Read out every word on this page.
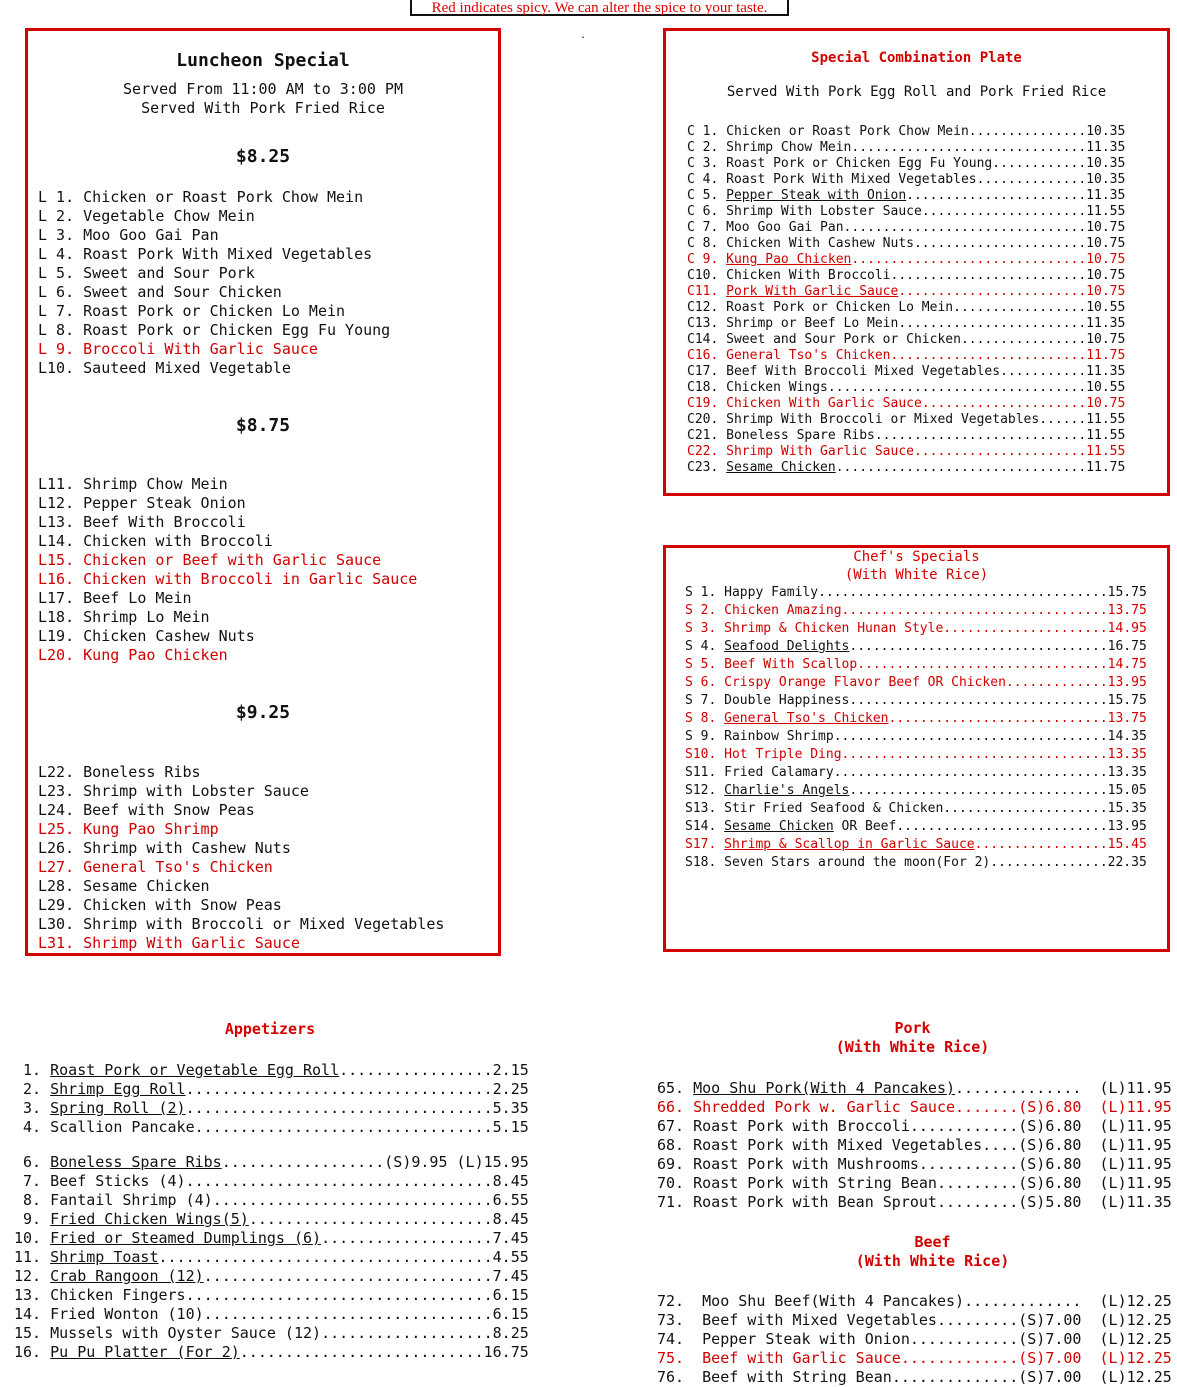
Red indicates spicy. We can alter the spice to your taste.
.
Luncheon Special
Served From 11:00 AM to 3:00 PM
Served With Pork Fried Rice
$8.25
L 1. Chicken or Roast Pork Chow Mein
L 2. Vegetable Chow Mein
L 3. Moo Goo Gai Pan
L 4. Roast Pork With Mixed Vegetables
L 5. Sweet and Sour Pork
L 6. Sweet and Sour Chicken
L 7. Roast Pork or Chicken Lo Mein
L 8. Roast Pork or Chicken Egg Fu Young
L 9. Broccoli With Garlic Sauce
L10. Sauteed Mixed Vegetable
$8.75
L11. Shrimp Chow Mein
L12. Pepper Steak Onion
L13. Beef With Broccoli
L14. Chicken with Broccoli
L15. Chicken or Beef with Garlic Sauce
L16. Chicken with Broccoli in Garlic Sauce
L17. Beef Lo Mein
L18. Shrimp Lo Mein
L19. Chicken Cashew Nuts
L20. Kung Pao Chicken
$9.25
L22. Boneless Ribs
L23. Shrimp with Lobster Sauce
L24. Beef with Snow Peas
L25. Kung Pao Shrimp
L26. Shrimp with Cashew Nuts
L27. General Tso's Chicken
L28. Sesame Chicken
L29. Chicken with Snow Peas
L30. Shrimp with Broccoli or Mixed Vegetables
L31. Shrimp With Garlic Sauce
Special Combination Plate
Served With Pork Egg Roll and Pork Fried Rice
C 1. Chicken or Roast Pork Chow Mein...............10.35
C 2. Shrimp Chow Mein..............................11.35
C 3. Roast Pork or Chicken Egg Fu Young............10.35
C 4. Roast Pork With Mixed Vegetables..............10.35
C 5. Pepper Steak with Onion.......................11.35
C 6. Shrimp With Lobster Sauce.....................11.55
C 7. Moo Goo Gai Pan...............................10.75
C 8. Chicken With Cashew Nuts......................10.75
C 9. Kung Pao Chicken..............................10.75
C10. Chicken With Broccoli.........................10.75
C11. Pork With Garlic Sauce........................10.75
C12. Roast Pork or Chicken Lo Mein.................10.55
C13. Shrimp or Beef Lo Mein........................11.35
C14. Sweet and Sour Pork or Chicken................10.75
C16. General Tso's Chicken.........................11.75
C17. Beef With Broccoli Mixed Vegetables...........11.35
C18. Chicken Wings.................................10.55
C19. Chicken With Garlic Sauce.....................10.75
C20. Shrimp With Broccoli or Mixed Vegetables......11.55
C21. Boneless Spare Ribs...........................11.55
C22. Shrimp With Garlic Sauce......................11.55
C23. Sesame Chicken................................11.75
Chef's Specials
(With White Rice)
S 1. Happy Family.....................................15.75
S 2. Chicken Amazing..................................13.75
S 3. Shrimp & Chicken Hunan Style.....................14.95
S 4. Seafood Delights.................................16.75
S 5. Beef With Scallop................................14.75
S 6. Crispy Orange Flavor Beef OR Chicken.............13.95
S 7. Double Happiness.................................15.75
S 8. General Tso's Chicken............................13.75
S 9. Rainbow Shrimp...................................14.35
S10. Hot Triple Ding..................................13.35
S11. Fried Calamary...................................13.35
S12. Charlie's Angels.................................15.05
S13. Stir Fried Seafood & Chicken.....................15.35
S14. Sesame Chicken OR Beef...........................13.95
S17. Shrimp & Scallop in Garlic Sauce.................15.45
S18. Seven Stars around the moon(For 2)...............22.35
Appetizers
1. Roast Pork or Vegetable Egg Roll.................2.15
2. Shrimp Egg Roll..................................2.25
3. Spring Roll (2)..................................5.35
4. Scallion Pancake.................................5.15
6. Boneless Spare Ribs..................(S)9.95 (L)15.95
7. Beef Sticks (4)..................................8.45
8. Fantail Shrimp (4)...............................6.55
9. Fried Chicken Wings(5)...........................8.45
10. Fried or Steamed Dumplings (6)...................7.45
11. Shrimp Toast.....................................4.55
12. Crab Rangoon (12)................................7.45
13. Chicken Fingers..................................6.15
14. Fried Wonton (10)................................6.15
15. Mussels with Oyster Sauce (12)...................8.25
16. Pu Pu Platter (For 2)...........................16.75
Pork
(With White Rice)
65. Moo Shu Pork(With 4 Pancakes)..............  (L)11.95
66. Shredded Pork w. Garlic Sauce.......(S)6.80  (L)11.95
67. Roast Pork with Broccoli............(S)6.80  (L)11.95
68. Roast Pork with Mixed Vegetables....(S)6.80  (L)11.95
69. Roast Pork with Mushrooms...........(S)6.80  (L)11.95
70. Roast Pork with String Bean.........(S)6.80  (L)11.95
71. Roast Pork with Bean Sprout.........(S)5.80  (L)11.35
Beef
(With White Rice)
72.  Moo Shu Beef(With 4 Pancakes).............  (L)12.25
73.  Beef with Mixed Vegetables.........(S)7.00  (L)12.25
74.  Pepper Steak with Onion............(S)7.00  (L)12.25
75.  Beef with Garlic Sauce.............(S)7.00  (L)12.25
76.  Beef with String Bean..............(S)7.00  (L)12.25
